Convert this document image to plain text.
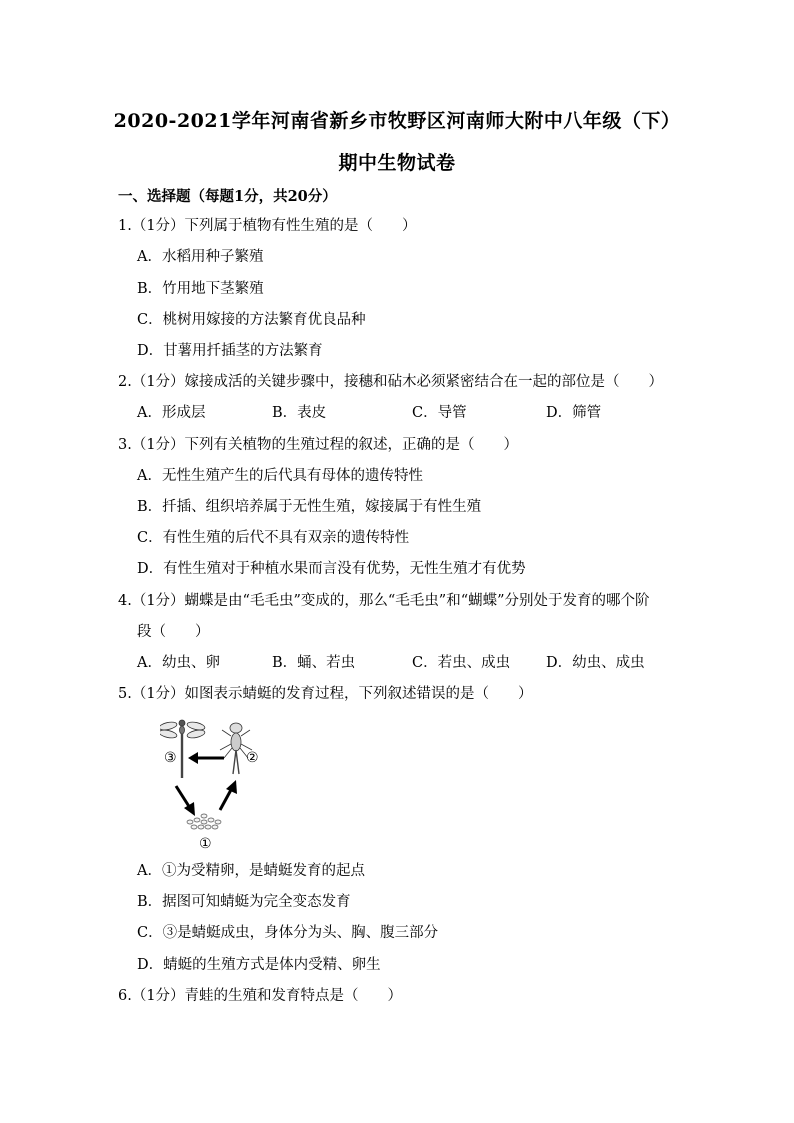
2020-2021学年河南省新乡市牧野区河南师大附中八年级（下）
期中生物试卷
一、选择题（每题1分，共20分）
1.（1分）下列属于植物有性生殖的是（　　）
A．水稻用种子繁殖
B．竹用地下茎繁殖
C．桃树用嫁接的方法繁育优良品种
D．甘薯用扦插茎的方法繁育
2.（1分）嫁接成活的关键步骤中，接穗和砧木必须紧密结合在一起的部位是（　　）
A．形成层	B．表皮	C．导管	D．筛管
3.（1分）下列有关植物的生殖过程的叙述，正确的是（　　）
A．无性生殖产生的后代具有母体的遗传特性
B．扦插、组织培养属于无性生殖，嫁接属于有性生殖
C．有性生殖的后代不具有双亲的遗传特性
D．有性生殖对于种植水果而言没有优势，无性生殖才有优势
4.（1分）蝴蝶是由“毛毛虫”变成的，那么“毛毛虫”和“蝴蝶”分别处于发育的哪个阶
段（　　）
A．幼虫、卵	B．蛹、若虫	C．若虫、成虫 D．幼虫、成虫
5.（1分）如图表示蜻蜓的发育过程，下列叙述错误的是（　　）
③	②
①
A．①为受精卵，是蜻蜓发育的起点
B．据图可知蜻蜓为完全变态发育
C．③是蜻蜓成虫，身体分为头、胸、腹三部分
D．蜻蜓的生殖方式是体内受精、卵生
6.（1分）青蛙的生殖和发育特点是（　　）
